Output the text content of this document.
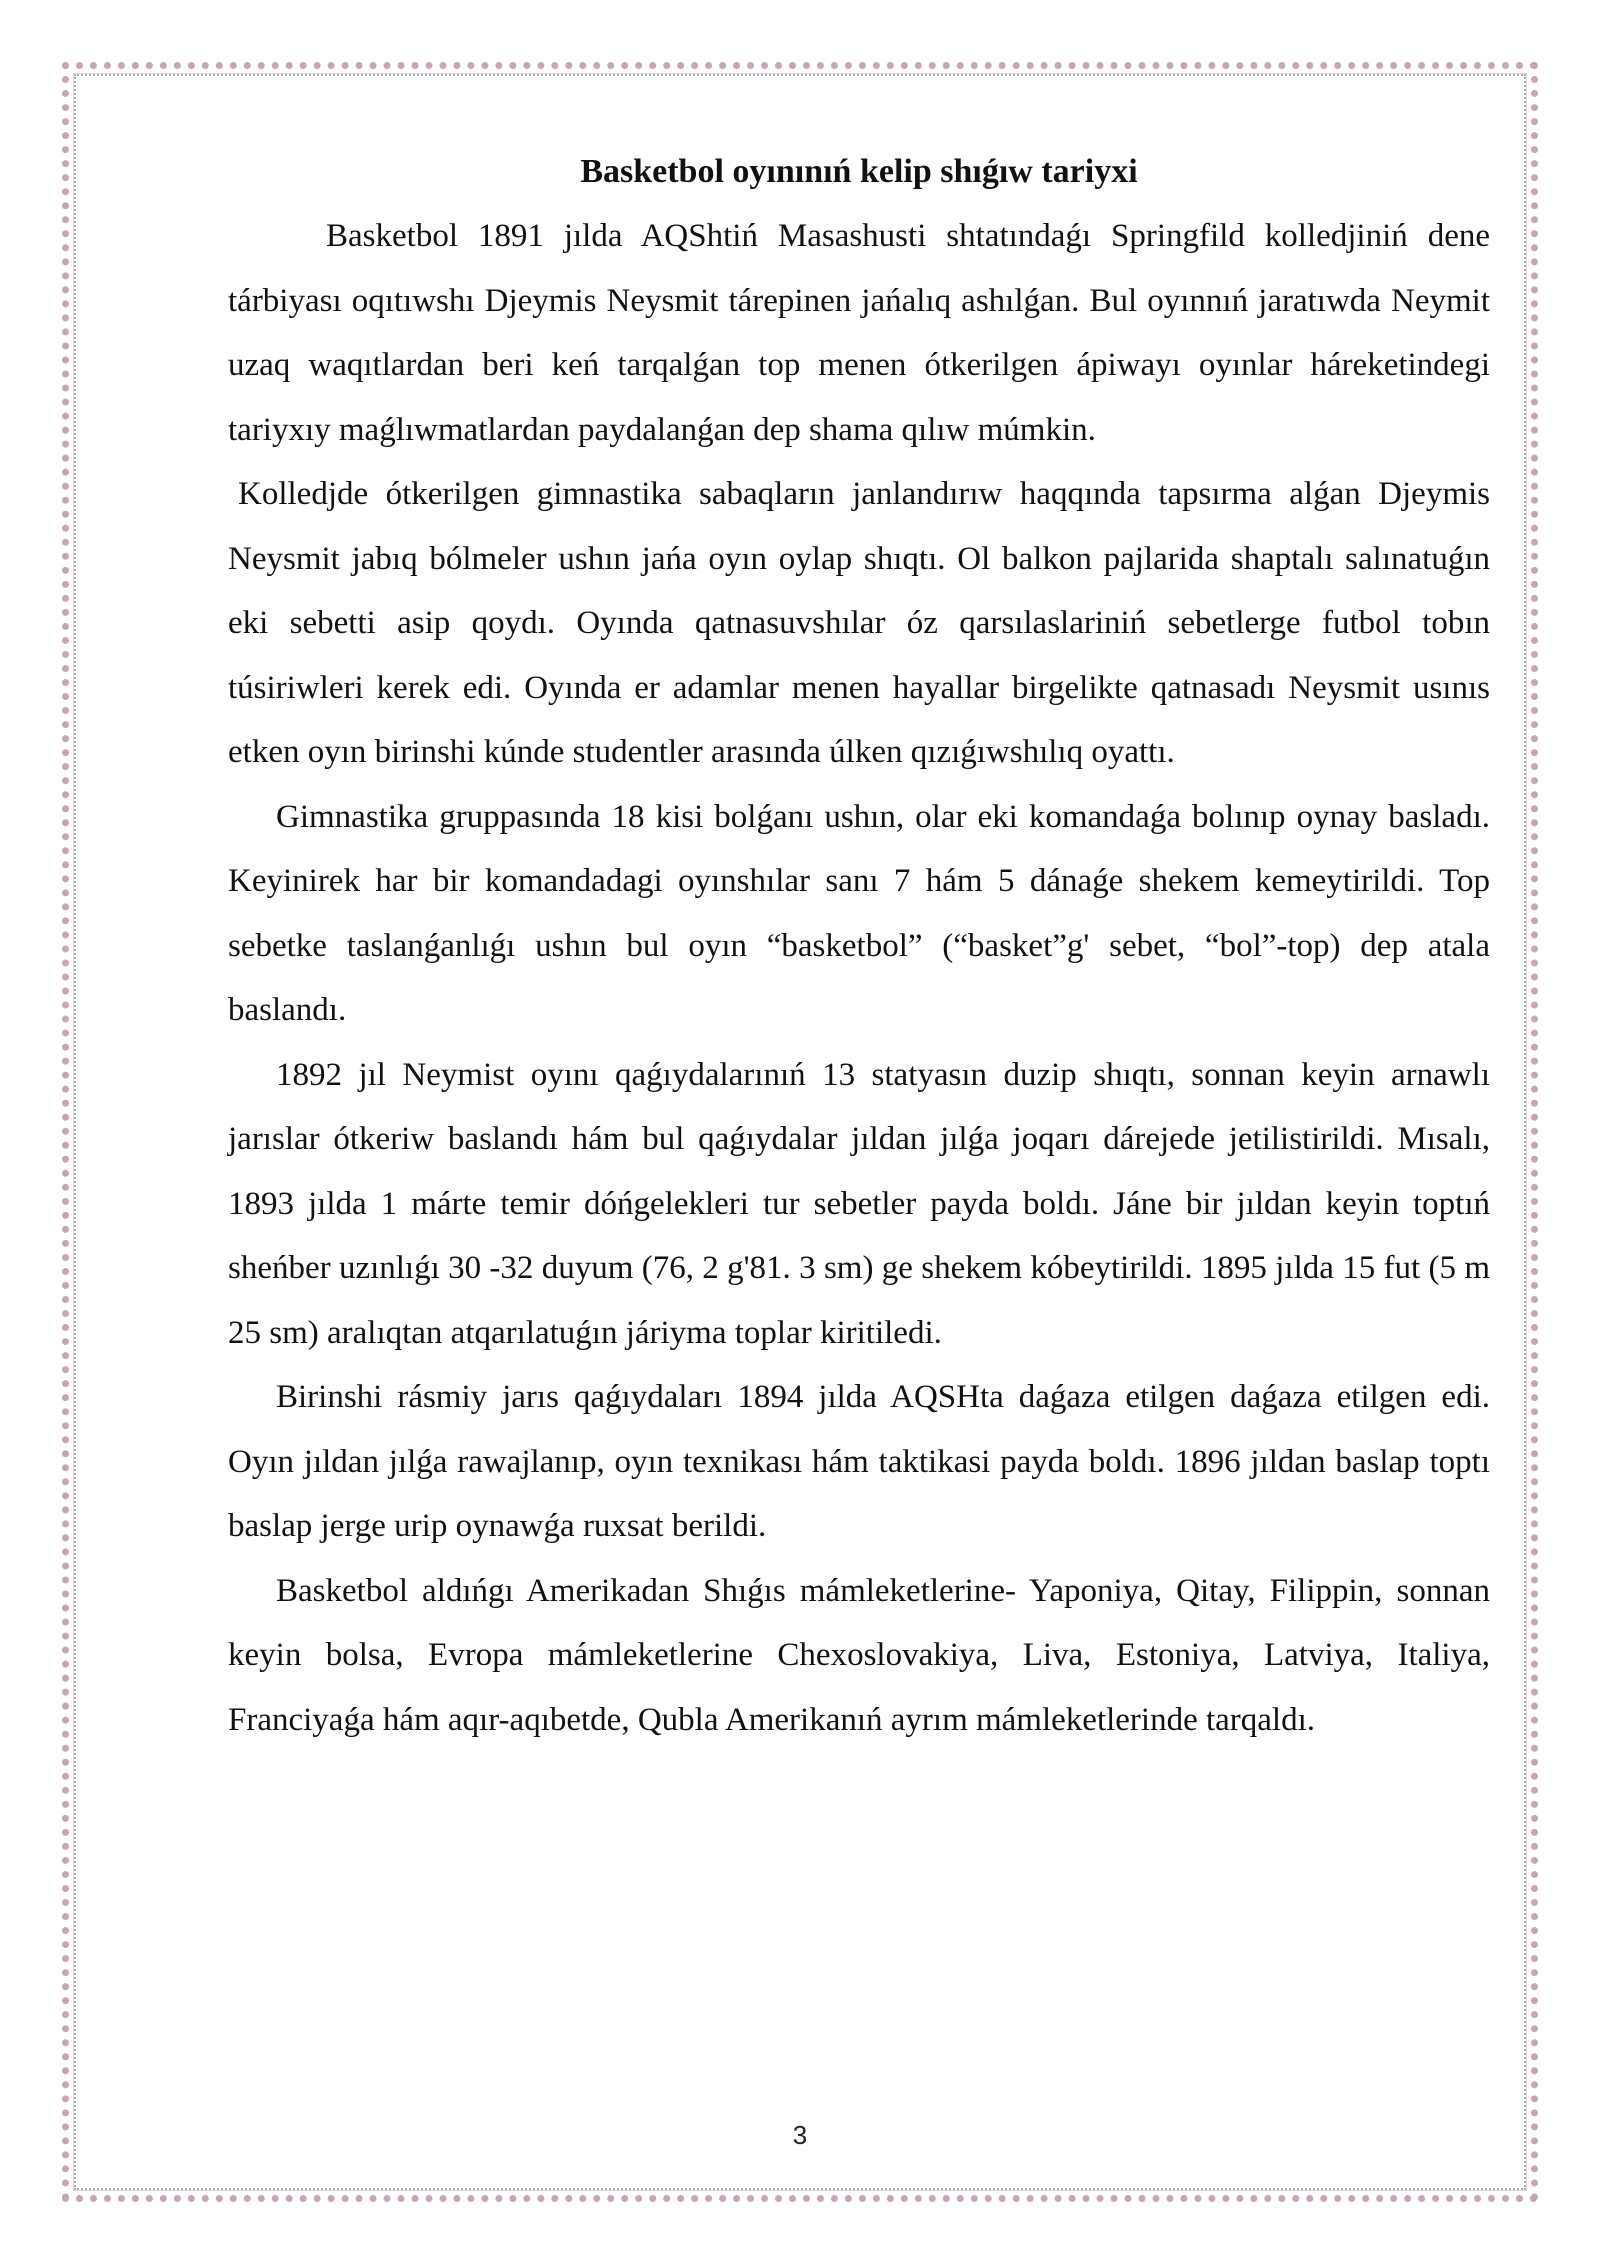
Basketbol oyınınıń kelip shıǵıw tariyxi

Basketbol 1891 jılda AQShtiń Masashusti shtatındaǵı Springfild kolledjiniń dene tárbiyası oqıtıwshı Djeymis Neysmit tárepinen jańalıq ashılǵan. Bul oyınnıń jaratıwda Neymit uzaq waqıtlardan beri keń tarqalǵan top menen ótkerilgen ápiwayı oyınlar háreketindegi tariyxıy maǵlıwmatlardan paydalanǵan dep shama qılıw múmkin.

Kolledjde ótkerilgen gimnastika sabaqların janlandırıw haqqında tapsırma alǵan Djeymis Neysmit jabıq bólmeler ushın jańa oyın oylap shıqtı. Ol balkon pajlarida shaptalı salınatuǵın eki sebetti asip qoydı. Oyında qatnasuvshılar óz qarsılaslariniń sebetlerge futbol tobın túsiriwleri kerek edi. Oyında er adamlar menen hayallar birgelikte qatnasadı Neysmit usınıs etken oyın birinshi kúnde studentler arasında úlken qızıǵıwshılıq oyattı.

Gimnastika gruppasında 18 kisi bolǵanı ushın, olar eki komandaǵa bolınıp oynay basladı. Keyinirek har bir komandadagi oyınshılar sanı 7 hám 5 dánaǵe shekem kemeytirildi. Top sebetke taslanǵanlıǵı ushın bul oyın “basketbol” (“basket”g' sebet, “bol”-top) dep atala baslandı.

1892 jıl Neymist oyını qaǵıydalarınıń 13 statyasın duzip shıqtı, sonnan keyin arnawlı jarıslar ótkeriw baslandı hám bul qaǵıydalar jıldan jılǵa joqarı dárejede jetilistirildi. Mısalı, 1893 jılda 1 márte temir dóńgelekleri tur sebetler payda boldı. Jáne bir jıldan keyin toptıń sheńber uzınlıǵı 30 -32 duyum (76, 2 g'81. 3 sm) ge shekem kóbeytirildi. 1895 jılda 15 fut (5 m 25 sm) aralıqtan atqarılatuǵın járiyma toplar kiritiledi.

Birinshi rásmiy jarıs qaǵıydaları 1894 jılda AQSHta daǵaza etilgen daǵaza etilgen edi. Oyın jıldan jılǵa rawajlanıp, oyın texnikası hám taktikasi payda boldı. 1896 jıldan baslap toptı baslap jerge urip oynawǵa ruxsat berildi.

Basketbol aldıńgı Amerikadan Shıǵıs mámleketlerine- Yaponiya, Qitay, Filippin, sonnan keyin bolsa, Evropa mámleketlerine Chexoslovakiya, Liva, Estoniya, Latviya, Italiya, Franciyaǵa hám aqır-aqıbetde, Qubla Amerikanıń ayrım mámleketlerinde tarqaldı.

3
